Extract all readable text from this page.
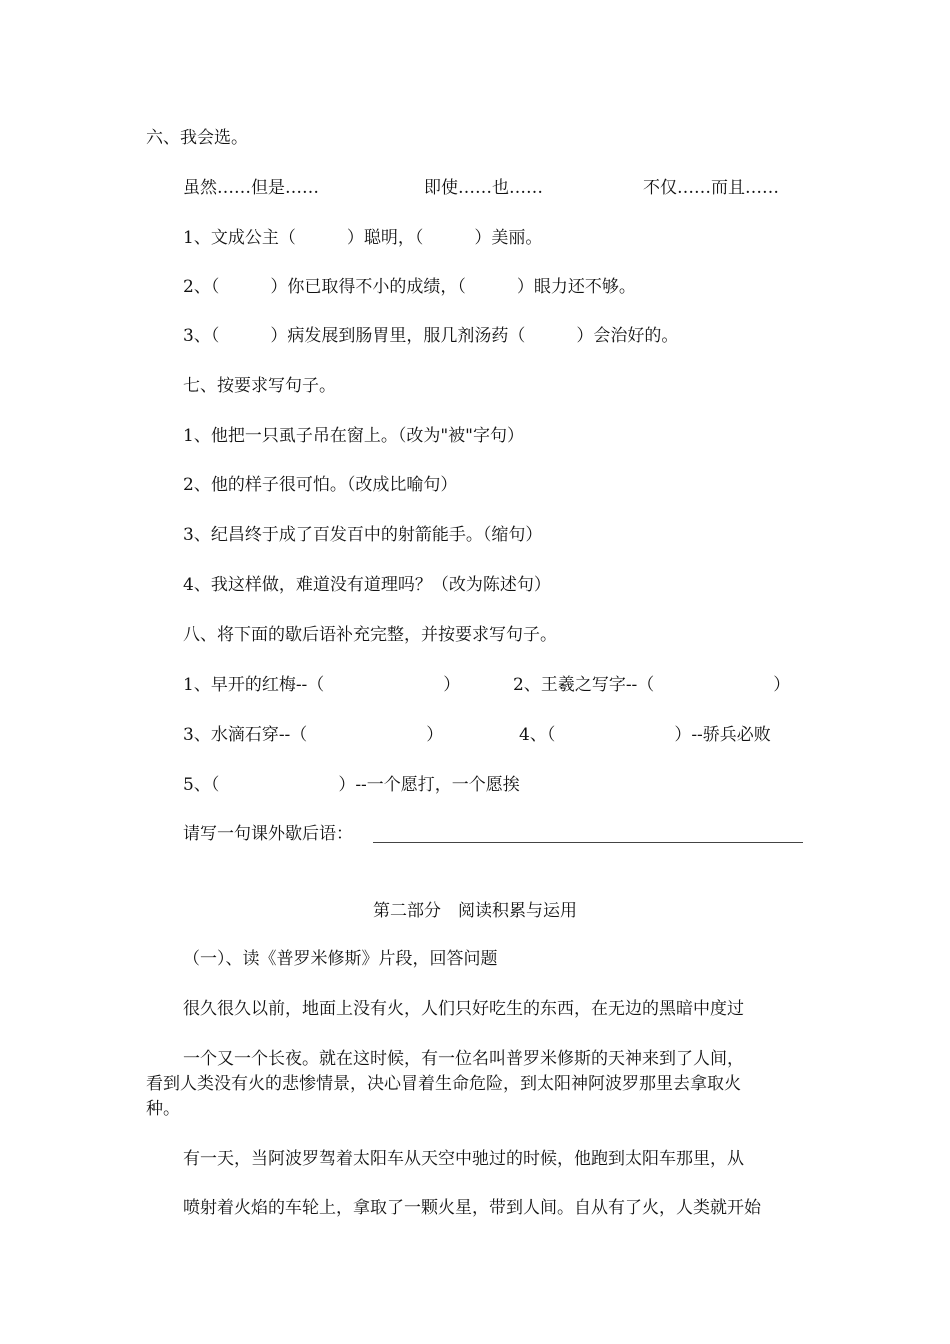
六、我会选。
虽然……但是……	即使……也……	不仅……而且……
1、文成公主（　　　）聪明，（　　　）美丽。
2、（　　　）你已取得不小的成绩，（　　　）眼力还不够。
3、（　　　）病发展到肠胃里，服几剂汤药（　　　）会治好的。
七、按要求写句子。
1、他把一只虱子吊在窗上。（改为"被"字句）
2、他的样子很可怕。（改成比喻句）
3、纪昌终于成了百发百中的射箭能手。（缩句）
4、我这样做，难道没有道理吗？（改为陈述句）
八、将下面的歇后语补充完整，并按要求写句子。
1、早开的红梅--（　　　　　　　）	2、王羲之写字--（　　　　　　　）
3、水滴石穿--（　　　　　　　）	4、（　　　　　　　）--骄兵必败
5、（　　　　　　　）--一个愿打，一个愿挨
请写一句课外歇后语：
第二部分　阅读积累与运用
（一）、读《普罗米修斯》片段，回答问题
很久很久以前，地面上没有火，人们只好吃生的东西，在无边的黑暗中度过
一个又一个长夜。就在这时候，有一位名叫普罗米修斯的天神来到了人间，
看到人类没有火的悲惨情景，决心冒着生命危险，到太阳神阿波罗那里去拿取火
种。
有一天，当阿波罗驾着太阳车从天空中驰过的时候，他跑到太阳车那里，从
喷射着火焰的车轮上，拿取了一颗火星，带到人间。自从有了火，人类就开始
